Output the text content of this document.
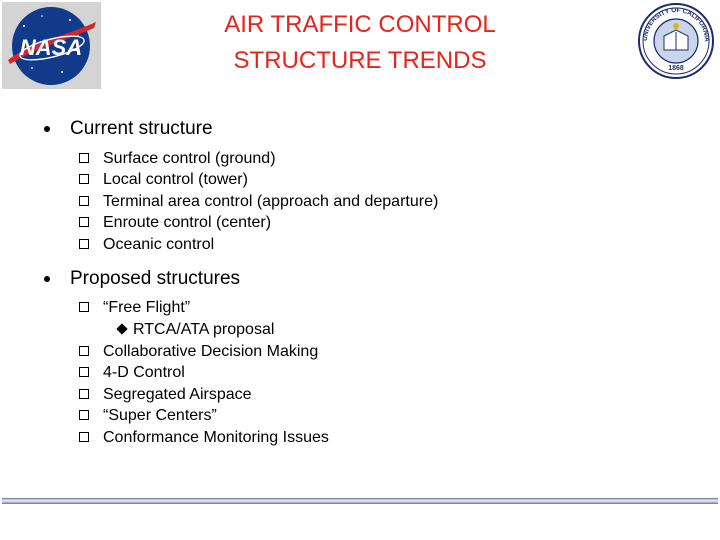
NASA
AIR TRAFFIC CONTROL
STRUCTURE TRENDS
UNIVERSITY OF CALIFORNIA
1868
Current structure
Surface control (ground)
Local control (tower)
Terminal area control (approach and departure)
Enroute control (center)
Oceanic control
Proposed structures
“Free Flight”
RTCA/ATA proposal
Collaborative Decision Making
4-D Control
Segregated Airspace
“Super Centers”
Conformance Monitoring Issues
